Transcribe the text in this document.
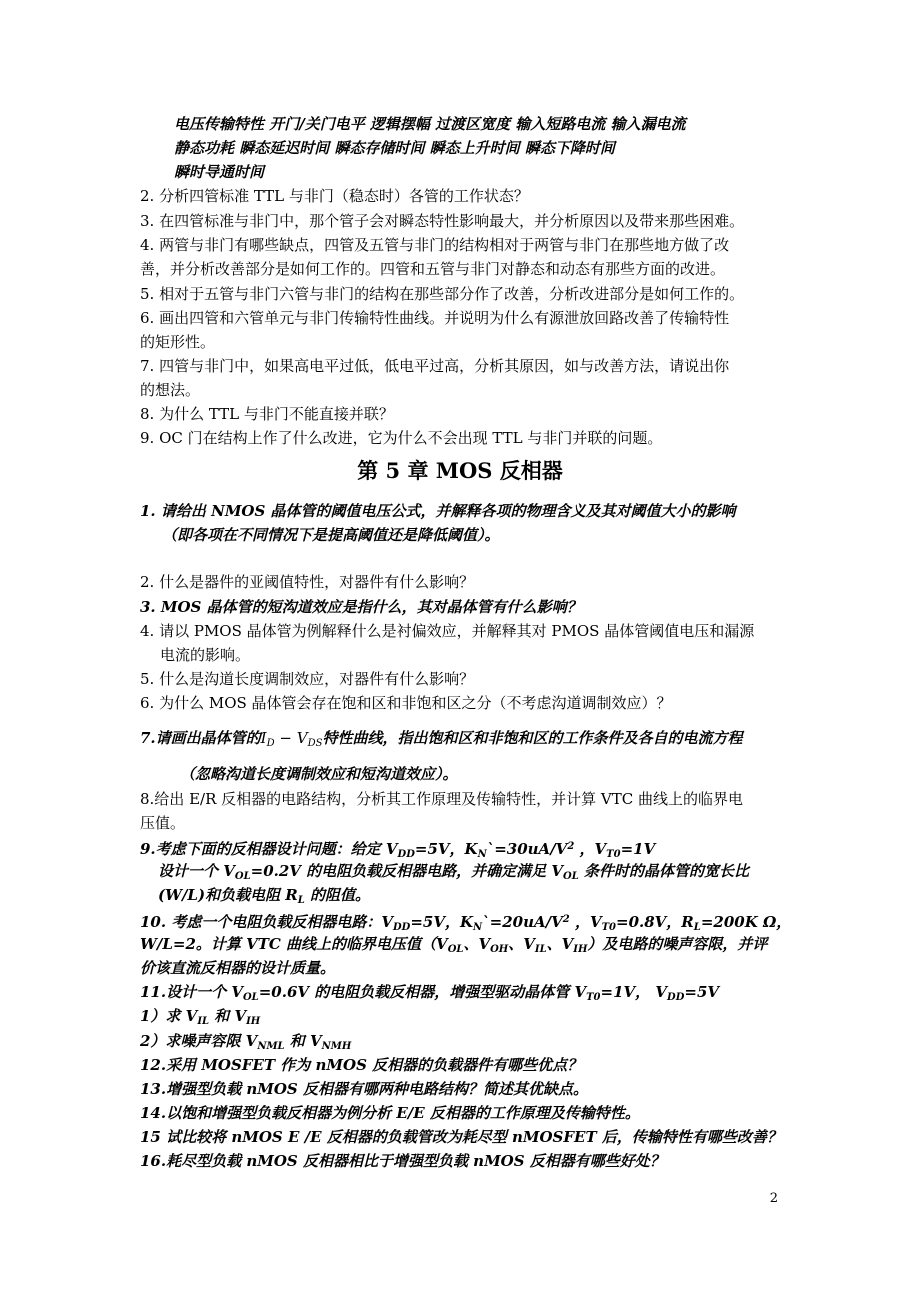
电压传输特性 开门/关门电平 逻辑摆幅 过渡区宽度 输入短路电流 输入漏电流
静态功耗 瞬态延迟时间 瞬态存储时间 瞬态上升时间 瞬态下降时间
瞬时导通时间
2. 分析四管标准 TTL 与非门（稳态时）各管的工作状态？
3. 在四管标准与非门中，那个管子会对瞬态特性影响最大，并分析原因以及带来那些困难。
4. 两管与非门有哪些缺点，四管及五管与非门的结构相对于两管与非门在那些地方做了改
善，并分析改善部分是如何工作的。四管和五管与非门对静态和动态有那些方面的改进。
5. 相对于五管与非门六管与非门的结构在那些部分作了改善，分析改进部分是如何工作的。
6. 画出四管和六管单元与非门传输特性曲线。并说明为什么有源泄放回路改善了传输特性
的矩形性。
7. 四管与非门中，如果高电平过低，低电平过高，分析其原因，如与改善方法，请说出你
的想法。
8. 为什么 TTL 与非门不能直接并联？
9. OC 门在结构上作了什么改进，它为什么不会出现 TTL 与非门并联的问题。
第 5 章 MOS 反相器
1. 请给出 NMOS 晶体管的阈值电压公式，并解释各项的物理含义及其对阈值大小的影响
（即各项在不同情况下是提高阈值还是降低阈值）。
2. 什么是器件的亚阈值特性，对器件有什么影响？
3. MOS 晶体管的短沟道效应是指什么，其对晶体管有什么影响？
4. 请以 PMOS 晶体管为例解释什么是衬偏效应，并解释其对 PMOS 晶体管阈值电压和漏源
电流的影响。
5. 什么是沟道长度调制效应，对器件有什么影响？
6. 为什么 MOS 晶体管会存在饱和区和非饱和区之分（不考虑沟道调制效应）？
7.请画出晶体管的$I_D - V_{DS}$特性曲线，指出饱和区和非饱和区的工作条件及各自的电流方程
（忽略沟道长度调制效应和短沟道效应）。
8.给出 E/R 反相器的电路结构，分析其工作原理及传输特性，并计算 VTC 曲线上的临界电
压值。
9.考虑下面的反相器设计问题：给定 $V_{DD}=5V$，$K_N`=30uA/V^2$ ，$V_{T0}=1V$
设计一个 $V_{OL}=0.2V$ 的电阻负载反相器电路，并确定满足 $V_{OL}$ 条件时的晶体管的宽长比
(W/L)和负载电阻 $R_L$ 的阻值。
10. 考虑一个电阻负载反相器电路：$V_{DD}=5V$，$K_N`=20uA/V^2$ ，$V_{T0}=0.8V$，$R_L=200K$ Ω，
W/L=2。计算 VTC 曲线上的临界电压值（$V_{OL}$、$V_{OH}$、$V_{IL}$、$V_{IH}$）及电路的噪声容限，并评
价该直流反相器的设计质量。
11.设计一个 $V_{OL}=0.6V$ 的电阻负载反相器，增强型驱动晶体管 $V_{T0}=1V$， $V_{DD}=5V$
1）求 $V_{IL}$ 和 $V_{IH}$
2）求噪声容限 $V_{NML}$ 和 $V_{NMH}$
12.采用 MOSFET 作为 nMOS 反相器的负载器件有哪些优点？
13.增强型负载 nMOS 反相器有哪两种电路结构？简述其优缺点。
14.以饱和增强型负载反相器为例分析 E/E 反相器的工作原理及传输特性。
15 试比较将 nMOS E /E 反相器的负载管改为耗尽型 nMOSFET 后，传输特性有哪些改善？
16.耗尽型负载 nMOS 反相器相比于增强型负载 nMOS 反相器有哪些好处？
2
